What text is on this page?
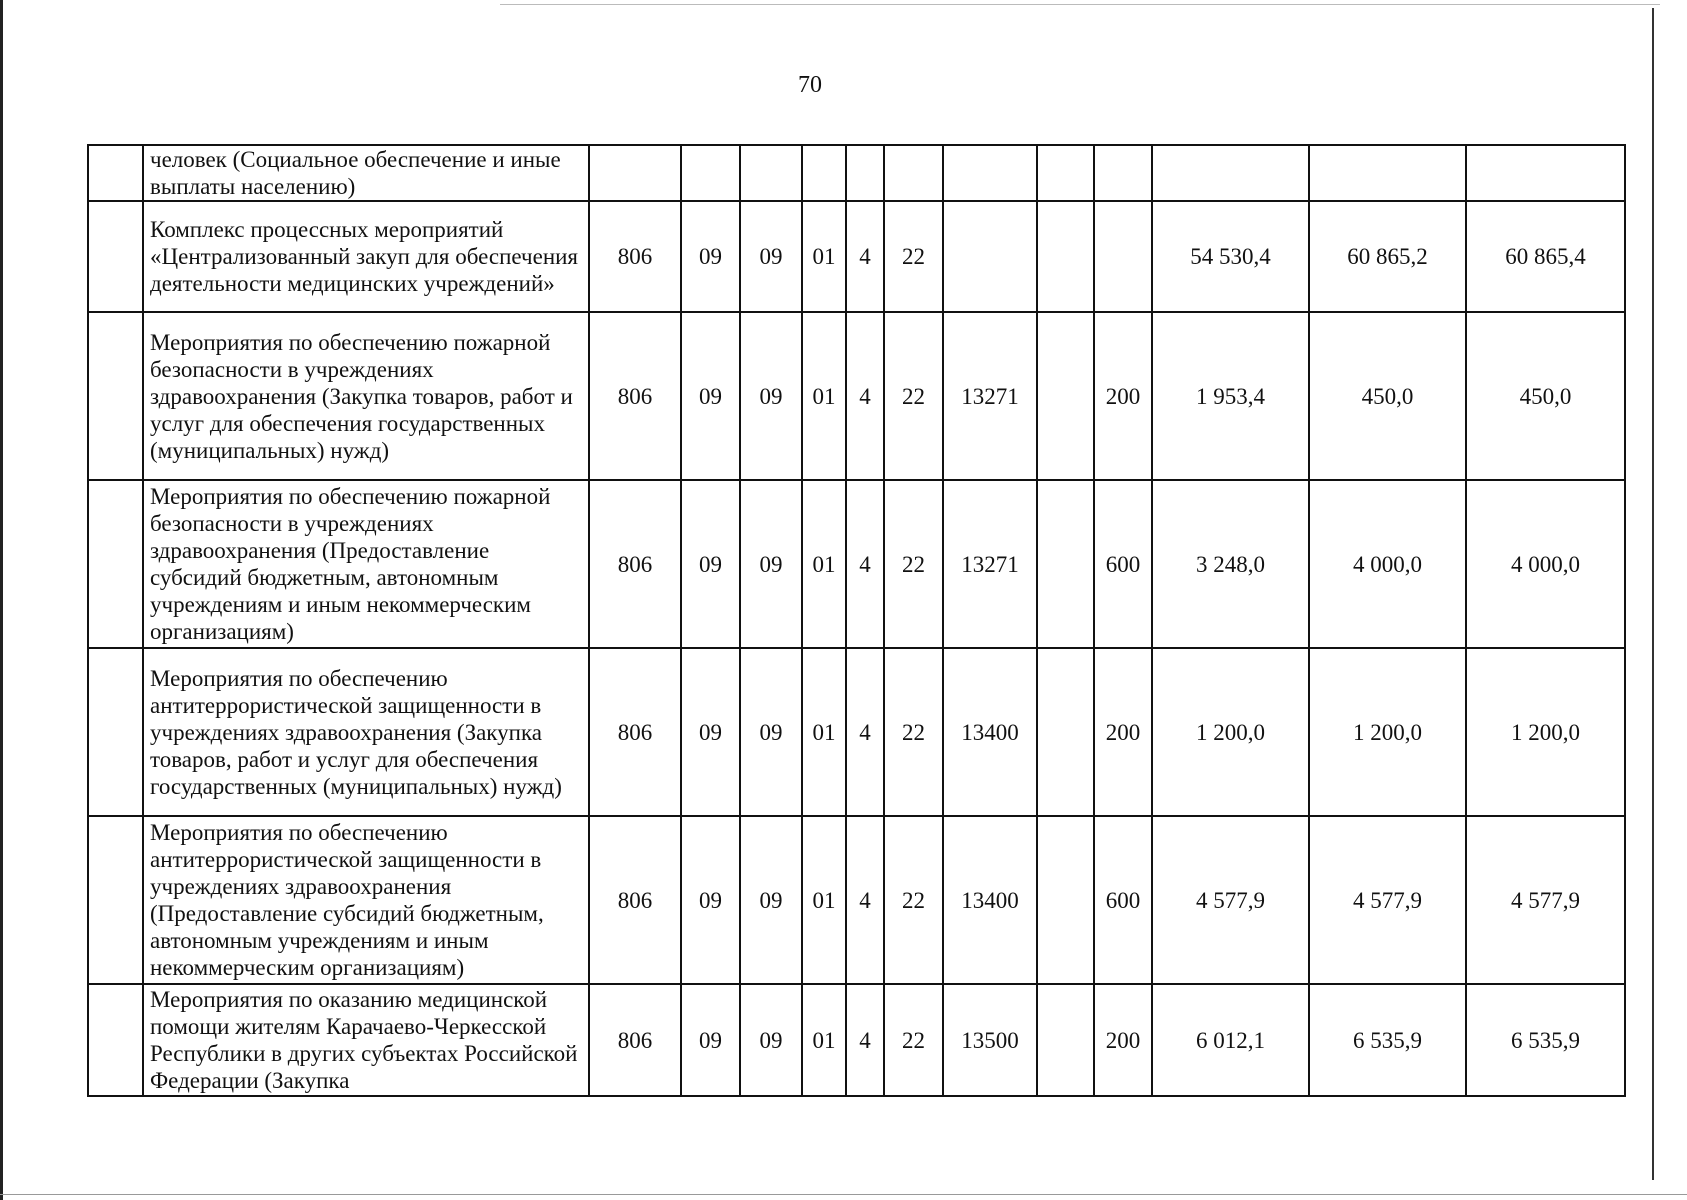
70
	человек (Социальное обеспечение и иные выплаты населению)												
	Комплекс процессных мероприятий «Централизованный закуп для обеспечения деятельности медицинских учреждений»	806	09	09	01	4	22				54 530,4	60 865,2	60 865,4
	Мероприятия по обеспечению пожарной безопасности в учреждениях здравоохранения (Закупка товаров, работ и услуг для обеспечения государственных (муниципальных) нужд)	806	09	09	01	4	22	13271		200	1 953,4	450,0	450,0
	Мероприятия по обеспечению пожарной безопасности в учреждениях здравоохранения (Предоставление субсидий бюджетным, автономным учреждениям и иным некоммерческим организациям)	806	09	09	01	4	22	13271		600	3 248,0	4 000,0	4 000,0
	Мероприятия по обеспечению антитеррористической защищенности в учреждениях здравоохранения (Закупка товаров, работ и услуг для обеспечения государственных (муниципальных) нужд)	806	09	09	01	4	22	13400		200	1 200,0	1 200,0	1 200,0
	Мероприятия по обеспечению антитеррористической защищенности в учреждениях здравоохранения (Предоставление субсидий бюджетным, автономным учреждениям и иным некоммерческим организациям)	806	09	09	01	4	22	13400		600	4 577,9	4 577,9	4 577,9
	Мероприятия по оказанию медицинской помощи жителям Карачаево-Черкесской Республики в других субъектах Российской Федерации (Закупка	806	09	09	01	4	22	13500		200	6 012,1	6 535,9	6 535,9
